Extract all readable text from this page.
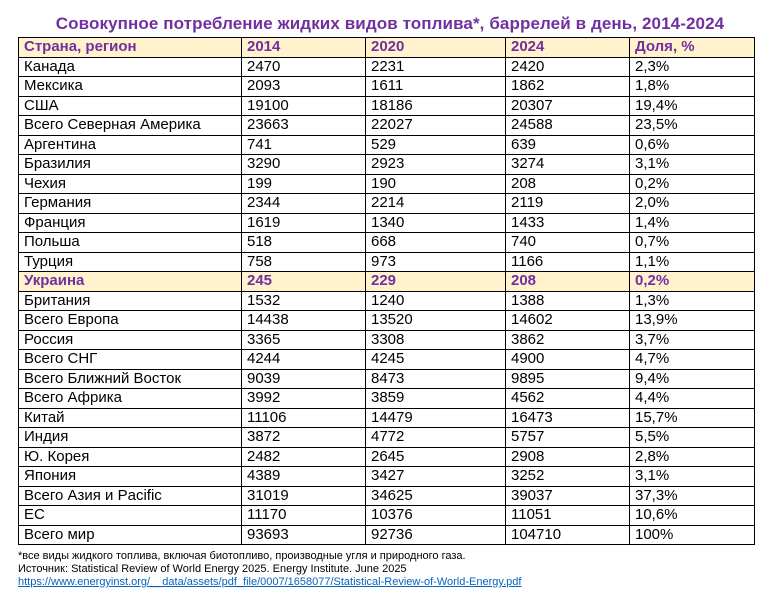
Совокупное потребление жидких видов топлива*, баррелей в день, 2014-2024
Страна, регион	2014	2020	2024	Доля, %
Канада	2470	2231	2420	2,3%
Мексика	2093	1611	1862	1,8%
США	19100	18186	20307	19,4%
Всего Северная Америка	23663	22027	24588	23,5%
Аргентина	741	529	639	0,6%
Бразилия	3290	2923	3274	3,1%
Чехия	199	190	208	0,2%
Германия	2344	2214	2119	2,0%
Франция	1619	1340	1433	1,4%
Польша	518	668	740	0,7%
Турция	758	973	1166	1,1%
Украина	245	229	208	0,2%
Британия	1532	1240	1388	1,3%
Всего Европа	14438	13520	14602	13,9%
Россия	3365	3308	3862	3,7%
Всего СНГ	4244	4245	4900	4,7%
Всего Ближний Восток	9039	8473	9895	9,4%
Всего Африка	3992	3859	4562	4,4%
Китай	11106	14479	16473	15,7%
Индия	3872	4772	5757	5,5%
Ю. Корея	2482	2645	2908	2,8%
Япония	4389	3427	3252	3,1%
Всего Азия и Pacific	31019	34625	39037	37,3%
ЕС	11170	10376	11051	10,6%
Всего мир	93693	92736	104710	100%
*все виды жидкого топлива, включая биотопливо, производные угля и природного газа.
Источник: Statistical Review of World Energy 2025. Energy Institute. June 2025
https://www.energyinst.org/__data/assets/pdf_file/0007/1658077/Statistical-Review-of-World-Energy.pdf
